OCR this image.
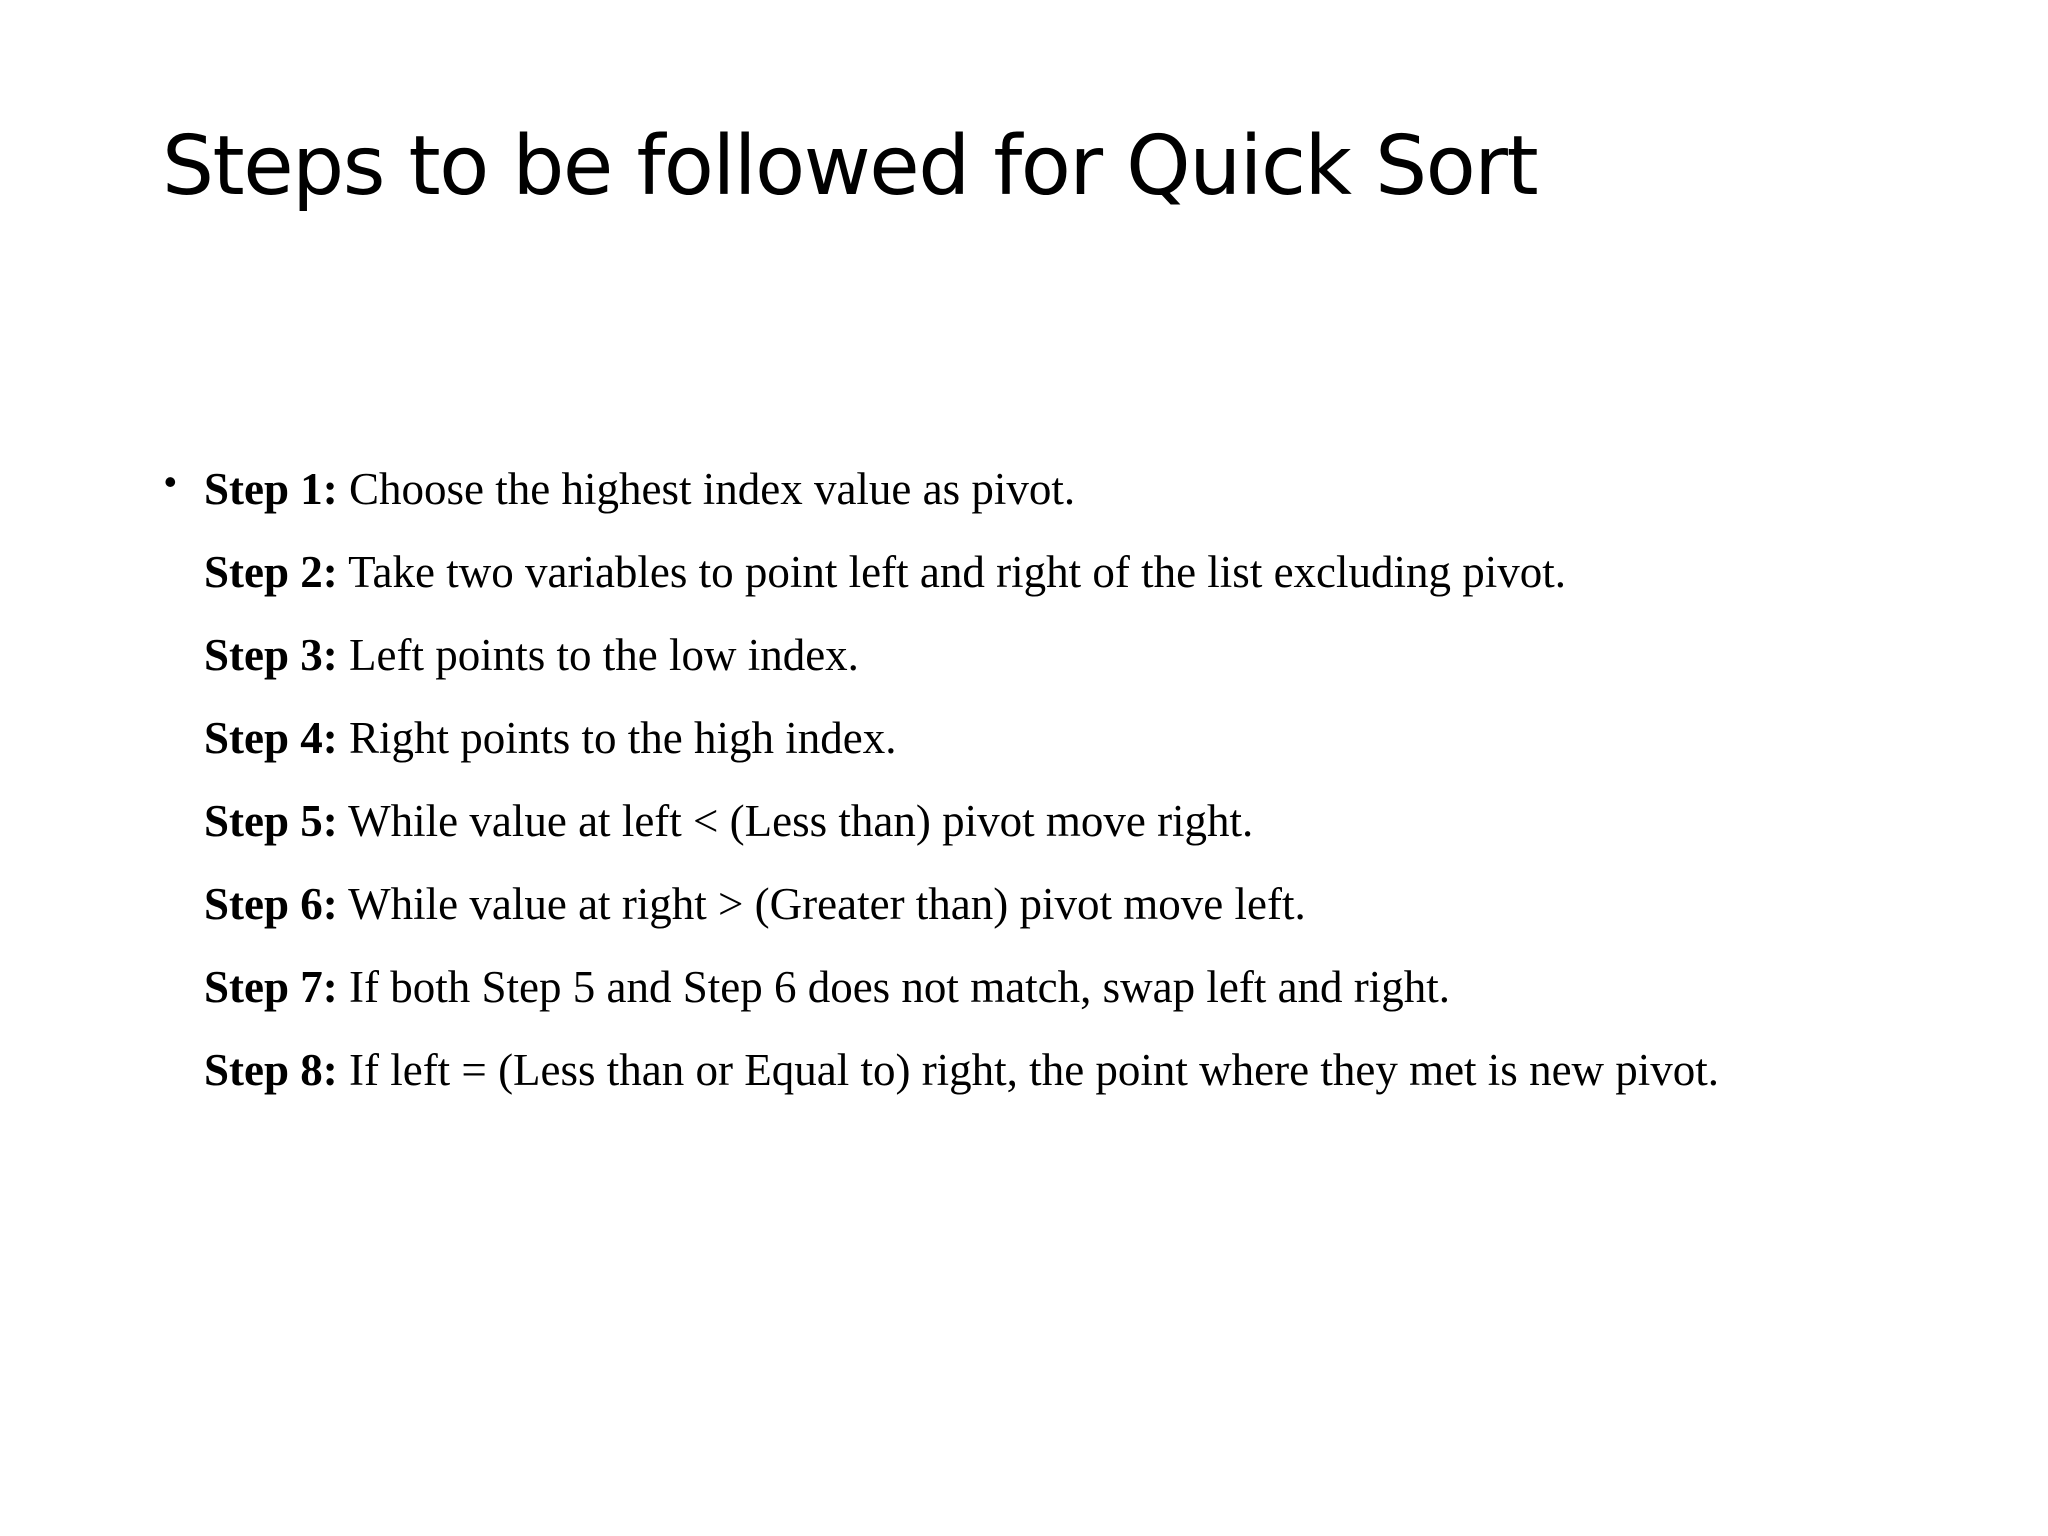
Steps to be followed for Quick Sort
• Step 1: Choose the highest index value as pivot.
Step 2: Take two variables to point left and right of the list excluding pivot.
Step 3: Left points to the low index.
Step 4: Right points to the high index.
Step 5: While value at left < (Less than) pivot move right.
Step 6: While value at right > (Greater than) pivot move left.
Step 7: If both Step 5 and Step 6 does not match, swap left and right.
Step 8: If left = (Less than or Equal to) right, the point where they met is new pivot.
